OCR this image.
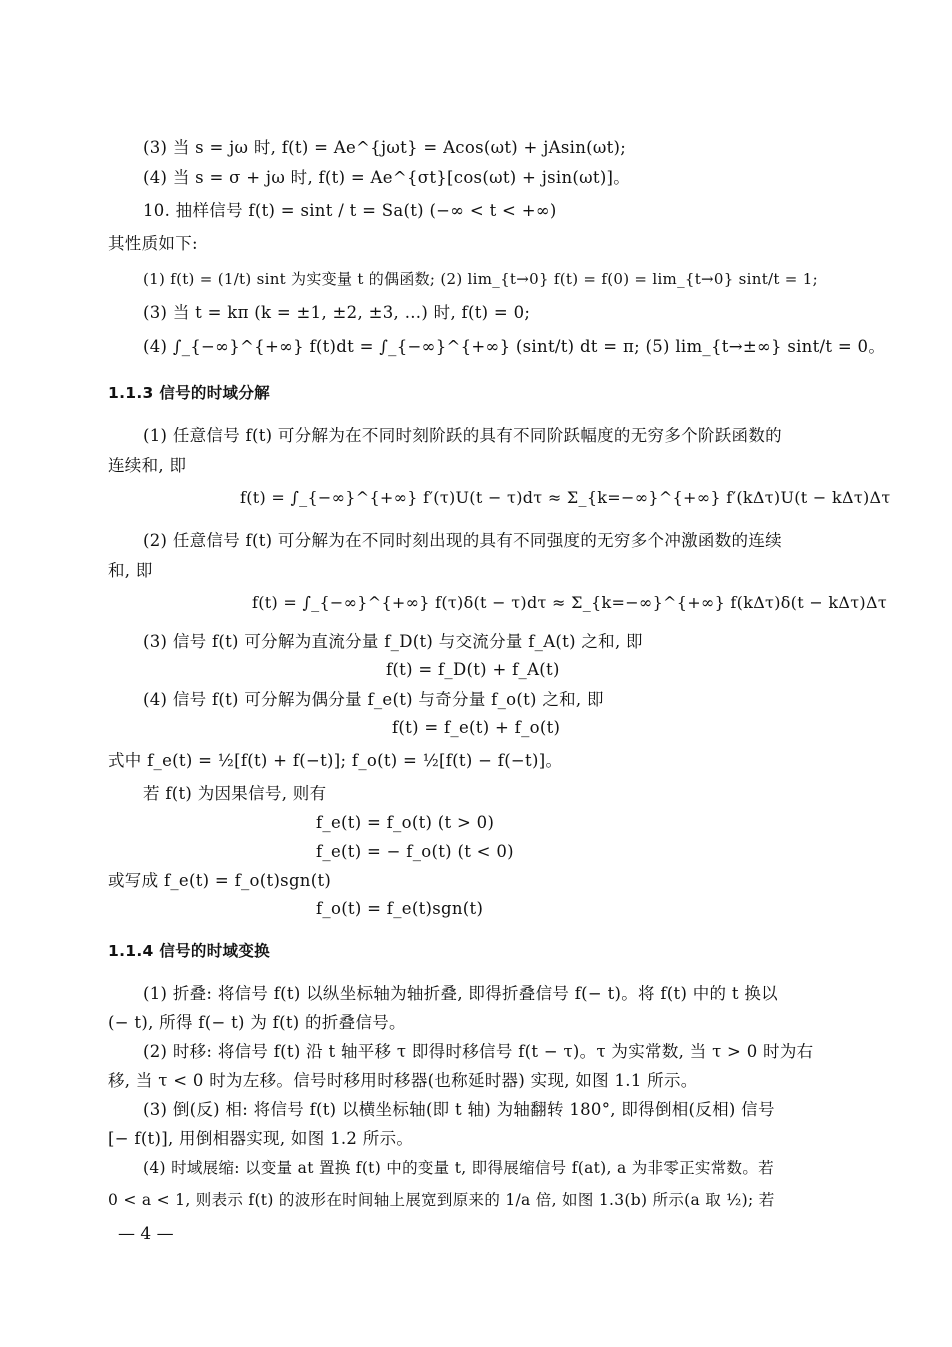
(3) 当 s = jω 时, f(t) = Ae^{jωt} = Acos(ωt) + jAsin(ωt);
(4) 当 s = σ + jω 时, f(t) = Ae^{σt}[cos(ωt) + jsin(ωt)]。
10. 抽样信号 f(t) = sint / t = Sa(t) (−∞ < t < +∞)
其性质如下:
(1) f(t) = (1/t) sint 为实变量 t 的偶函数; (2) lim_{t→0} f(t) = f(0) = lim_{t→0} sint/t = 1;
(3) 当 t = kπ (k = ±1, ±2, ±3, …) 时, f(t) = 0;
(4) ∫_{−∞}^{+∞} f(t)dt = ∫_{−∞}^{+∞} (sint/t) dt = π; (5) lim_{t→±∞} sint/t = 0。
1.1.3 信号的时域分解
(1) 任意信号 f(t) 可分解为在不同时刻阶跃的具有不同阶跃幅度的无穷多个阶跃函数的
连续和, 即
f(t) = ∫_{−∞}^{+∞} f′(τ)U(t − τ)dτ ≈ Σ_{k=−∞}^{+∞} f′(kΔτ)U(t − kΔτ)Δτ
(2) 任意信号 f(t) 可分解为在不同时刻出现的具有不同强度的无穷多个冲激函数的连续
和, 即
f(t) = ∫_{−∞}^{+∞} f(τ)δ(t − τ)dτ ≈ Σ_{k=−∞}^{+∞} f(kΔτ)δ(t − kΔτ)Δτ
(3) 信号 f(t) 可分解为直流分量 f_D(t) 与交流分量 f_A(t) 之和, 即
f(t) = f_D(t) + f_A(t)
(4) 信号 f(t) 可分解为偶分量 f_e(t) 与奇分量 f_o(t) 之和, 即
f(t) = f_e(t) + f_o(t)
式中 f_e(t) = ½[f(t) + f(−t)]; f_o(t) = ½[f(t) − f(−t)]。
若 f(t) 为因果信号, 则有
f_e(t) = f_o(t) (t > 0)
f_e(t) = − f_o(t) (t < 0)
或写成 f_e(t) = f_o(t)sgn(t)
f_o(t) = f_e(t)sgn(t)
1.1.4 信号的时域变换
(1) 折叠: 将信号 f(t) 以纵坐标轴为轴折叠, 即得折叠信号 f(− t)。将 f(t) 中的 t 换以
(− t), 所得 f(− t) 为 f(t) 的折叠信号。
(2) 时移: 将信号 f(t) 沿 t 轴平移 τ 即得时移信号 f(t − τ)。τ 为实常数, 当 τ > 0 时为右
移, 当 τ < 0 时为左移。信号时移用时移器(也称延时器) 实现, 如图 1.1 所示。
(3) 倒(反) 相: 将信号 f(t) 以横坐标轴(即 t 轴) 为轴翻转 180°, 即得倒相(反相) 信号
[− f(t)], 用倒相器实现, 如图 1.2 所示。
(4) 时域展缩: 以变量 at 置换 f(t) 中的变量 t, 即得展缩信号 f(at), a 为非零正实常数。若
0 < a < 1, 则表示 f(t) 的波形在时间轴上展宽到原来的 1/a 倍, 如图 1.3(b) 所示(a 取 ½); 若
— 4 —
